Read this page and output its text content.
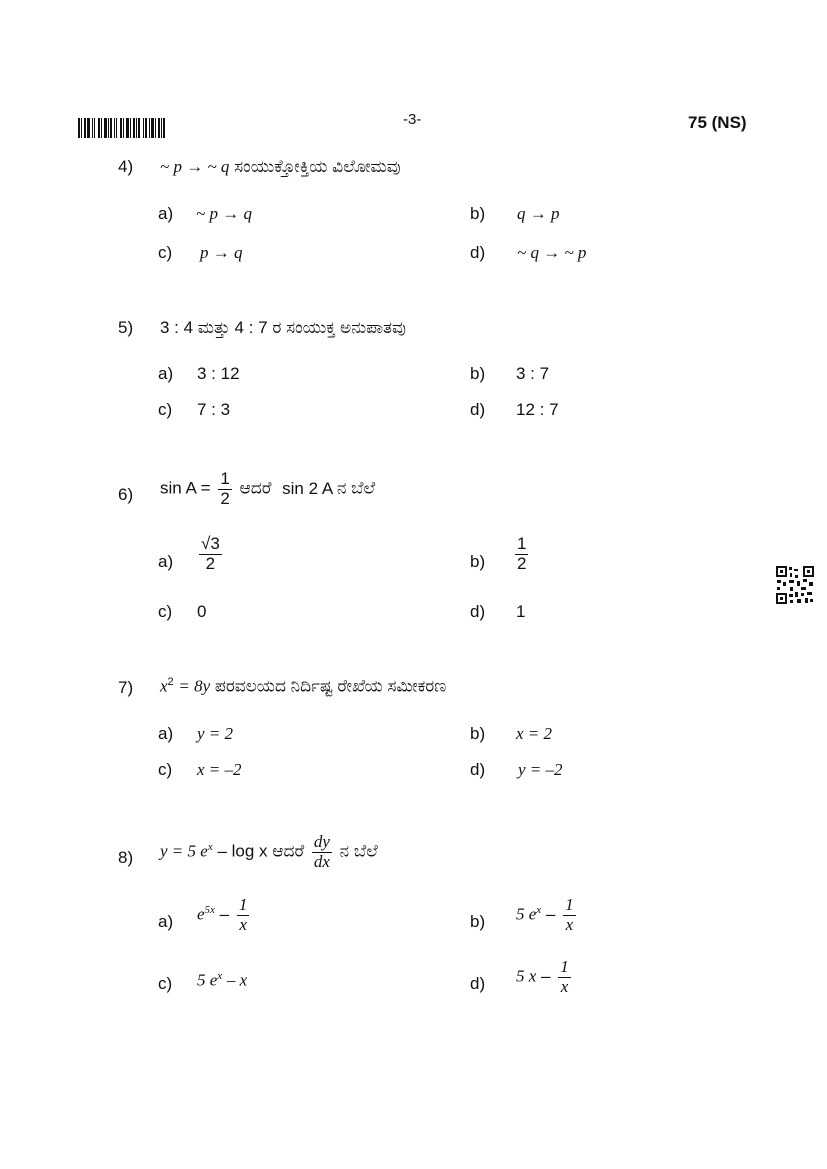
-3-	75 (NS)
4) ~ p → ~ q ಸಂಯುಕ್ತೋಕ್ತಿಯ ವಿಲೋಮವು
a) ~ p → q	b) q → p
c) p → q	d) ~ q → ~ p
5) 3 : 4 ಮತ್ತು 4 : 7 ರ ಸಂಯುಕ್ತ ಅನುಪಾತವು
a) 3 : 12	b) 3 : 7
c) 7 : 3	d) 12 : 7
6) $\sin A = \frac{1}{2}$ ಆದರೆ sin 2 A ನ ಬೆಲೆ
$a) \frac{√3}{2}$	$b) \frac{1}{2}$
c) 0	d) 1
7) $x^2 = 8y$ ಪರವಲಯದ ನಿರ್ದಿಷ್ಟ ರೇಖೆಯ ಸಮೀಕರಣ
a) y = 2	b) x = 2
c) x = –2	d) y = –2
8) y = 5 $e^x$ – log x ಆದರೆ $\frac{dy}{dx}$ ನ ಬೆಲೆ
a) $e^{5x} - \frac{1}{x}$	b) 5 $e^x - \frac{1}{x}$
c) 5 $e^x$ – x	d) 5 x – $\frac{1}{x}$
